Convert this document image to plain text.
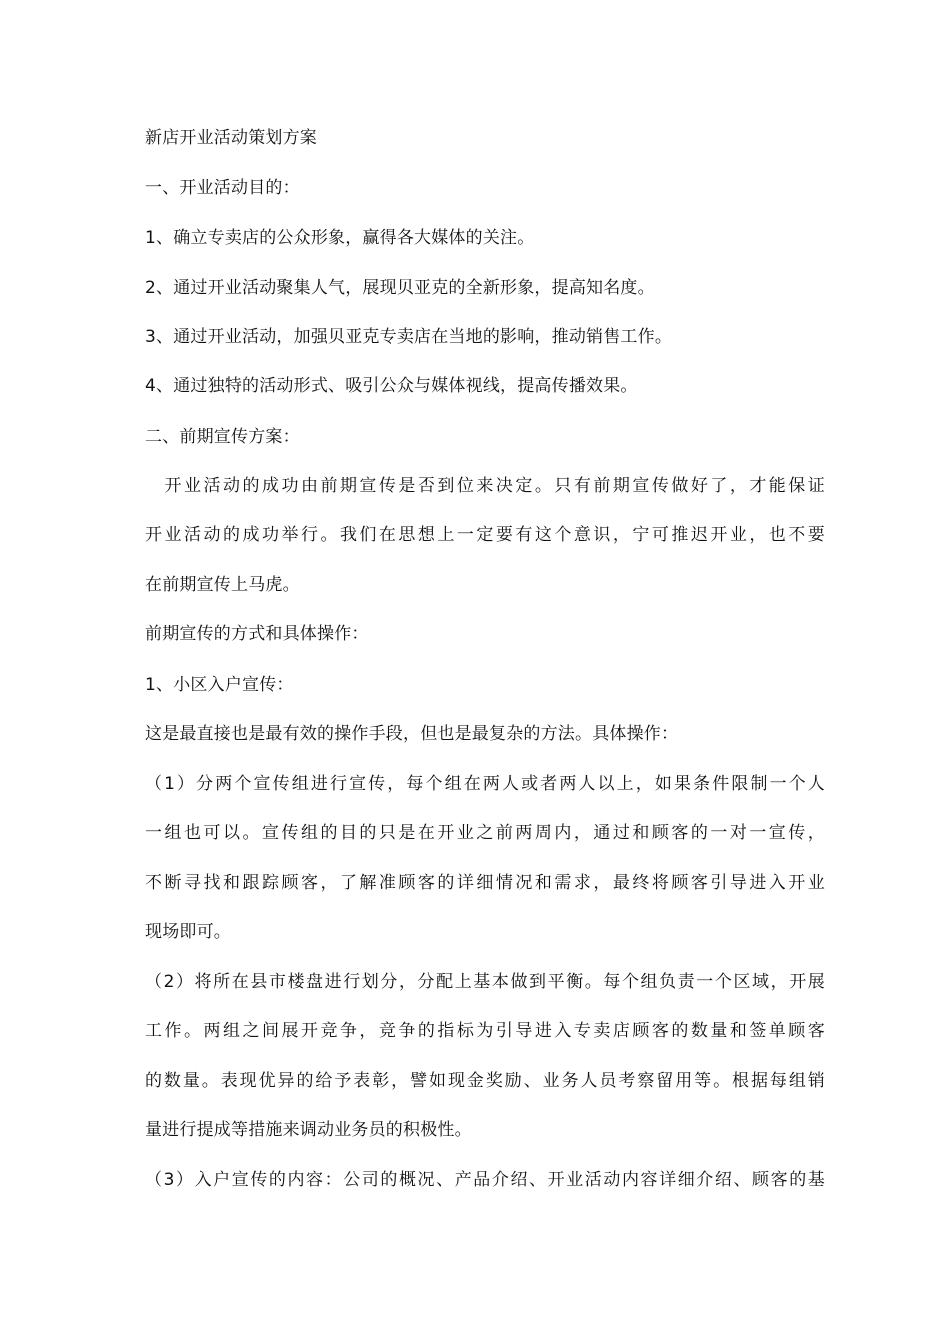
新店开业活动策划方案
一、开业活动目的：
1、确立专卖店的公众形象，赢得各大媒体的关注。
2、通过开业活动聚集人气，展现贝亚克的全新形象，提高知名度。
3、通过开业活动，加强贝亚克专卖店在当地的影响，推动销售工作。
4、通过独特的活动形式、吸引公众与媒体视线，提高传播效果。
二、前期宣传方案：
　开业活动的成功由前期宣传是否到位来决定。只有前期宣传做好了，才能保证
开业活动的成功举行。我们在思想上一定要有这个意识，宁可推迟开业，也不要
在前期宣传上马虎。
前期宣传的方式和具体操作：
1、小区入户宣传：
这是最直接也是最有效的操作手段，但也是最复杂的方法。具体操作：
（1）分两个宣传组进行宣传，每个组在两人或者两人以上，如果条件限制一个人
一组也可以。宣传组的目的只是在开业之前两周内，通过和顾客的一对一宣传，
不断寻找和跟踪顾客，了解准顾客的详细情况和需求，最终将顾客引导进入开业
现场即可。
（2）将所在县市楼盘进行划分，分配上基本做到平衡。每个组负责一个区域，开展
工作。两组之间展开竞争，竞争的指标为引导进入专卖店顾客的数量和签单顾客
的数量。表现优异的给予表彰，譬如现金奖励、业务人员考察留用等。根据每组销
量进行提成等措施来调动业务员的积极性。
（3）入户宣传的内容：公司的概况、产品介绍、开业活动内容详细介绍、顾客的基
